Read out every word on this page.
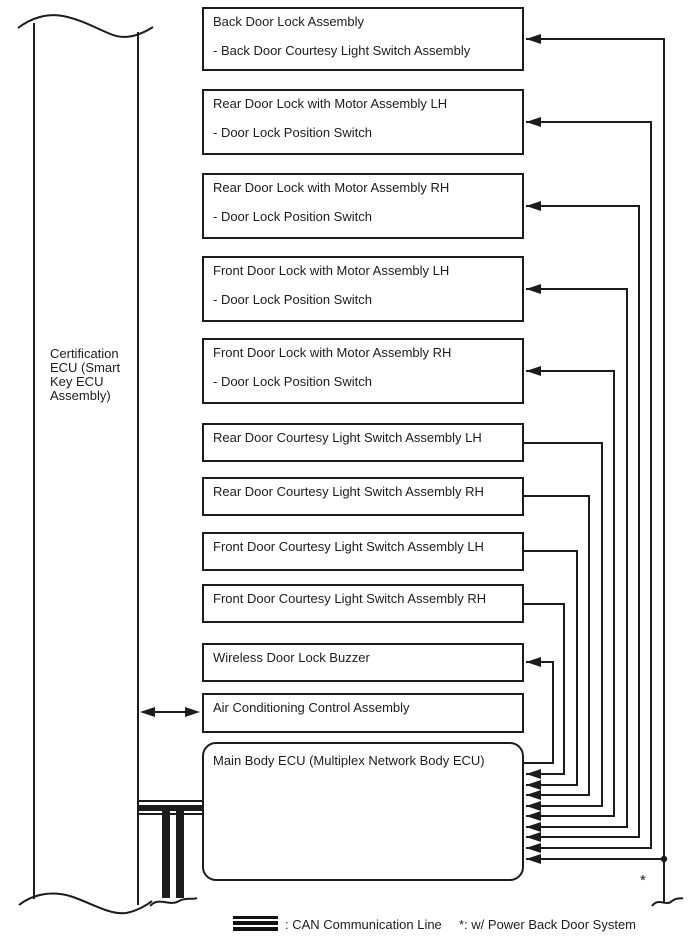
Back Door Lock Assembly
- Back Door Courtesy Light Switch Assembly
Rear Door Lock with Motor Assembly LH
- Door Lock Position Switch
Rear Door Lock with Motor Assembly RH
- Door Lock Position Switch
Front Door Lock with Motor Assembly LH
- Door Lock Position Switch
Front Door Lock with Motor Assembly RH
- Door Lock Position Switch
Rear Door Courtesy Light Switch Assembly LH
Rear Door Courtesy Light Switch Assembly RH
Front Door Courtesy Light Switch Assembly LH
Front Door Courtesy Light Switch Assembly RH
Wireless Door Lock Buzzer
Air Conditioning Control Assembly
Main Body ECU (Multiplex Network Body ECU)
Certification ECU (Smart Key ECU Assembly)
*
: CAN Communication Line *: w/ Power Back Door System
